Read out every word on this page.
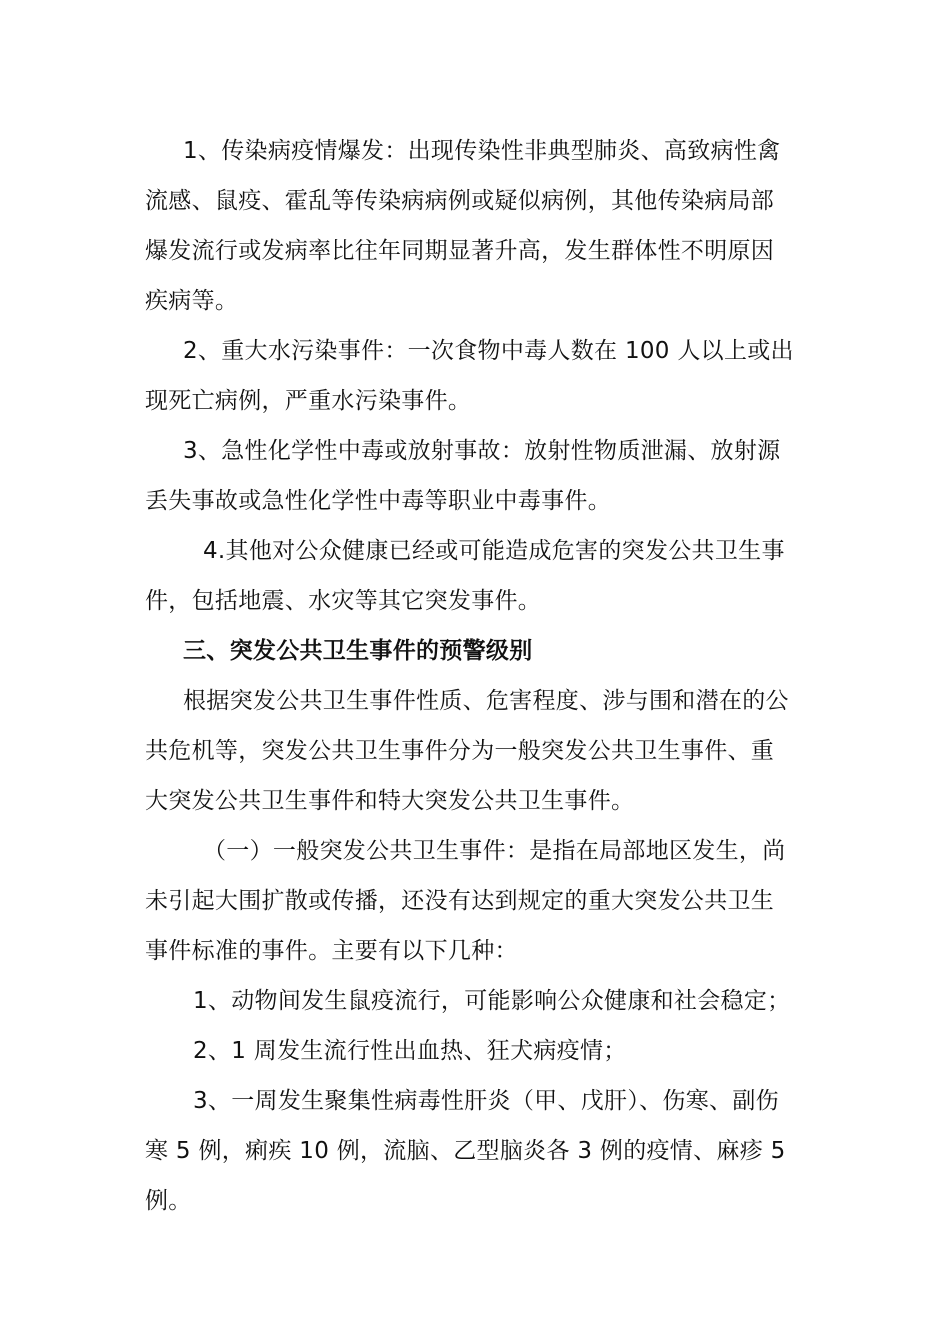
1、传染病疫情爆发：出现传染性非典型肺炎、高致病性禽
流感、鼠疫、霍乱等传染病病例或疑似病例，其他传染病局部
爆发流行或发病率比往年同期显著升高，发生群体性不明原因
疾病等。
2、重大水污染事件：一次食物中毒人数在 100 人以上或出
现死亡病例，严重水污染事件。
3、急性化学性中毒或放射事故：放射性物质泄漏、放射源
丢失事故或急性化学性中毒等职业中毒事件。
4.其他对公众健康已经或可能造成危害的突发公共卫生事
件，包括地震、水灾等其它突发事件。
三、突发公共卫生事件的预警级别
根据突发公共卫生事件性质、危害程度、涉与围和潜在的公
共危机等，突发公共卫生事件分为一般突发公共卫生事件、重
大突发公共卫生事件和特大突发公共卫生事件。
（一）一般突发公共卫生事件：是指在局部地区发生，尚
未引起大围扩散或传播，还没有达到规定的重大突发公共卫生
事件标准的事件。主要有以下几种：
1、动物间发生鼠疫流行，可能影响公众健康和社会稳定；
2、1 周发生流行性出血热、狂犬病疫情；
3、一周发生聚集性病毒性肝炎（甲、戊肝）、伤寒、副伤
寒 5 例，痢疾 10 例，流脑、乙型脑炎各 3 例的疫情、麻疹 5
例。
